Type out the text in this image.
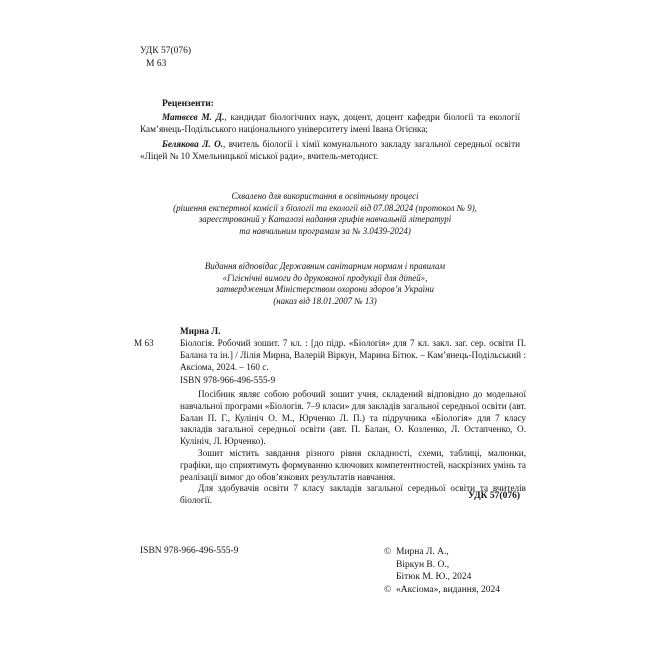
УДК 57(076)
М 63
Рецензенти:
Матвєєв М. Д., кандидат біологічних наук, доцент, доцент кафедри біології та екології Кам’янець-Подільського національного університету імені Івана Огієнка;
Белякова Л. О., вчитель біології і хімії комунального закладу загальної середньої освіти «Ліцей № 10 Хмельницької міської ради», вчитель-методист.
Схвалено для використання в освітньому процесі
(рішення експертної комісії з біології та екології від 07.08.2024 (протокол № 9),
зареєстрований у Каталозі надання грифів навчальній літературі
та навчальним програмам за № 3.0439-2024)
Видання відповідає Державним санітарним нормам і правилам
«Гігієнічні вимоги до друкованої продукції для дітей»,
затвердженим Міністерством охорони здоров’я України
(наказ від 18.01.2007 № 13)
М 63
Мирна Л.
Біологія. Робочий зошит. 7 кл. : [до підр. «Біологія» для 7 кл. закл. заг. сер. освіти П. Балана та ін.] / Лілія Мирна, Валерій Віркун, Марина Бітюк. – Кам’янець-Подільський : Аксіома, 2024. – 160 с.
ISBN 978-966-496-555-9

Посібник являє собою робочий зошит учня, складений відповідно до модельної навчальної програми «Біологія. 7–9 класи» для закладів загальної середньої освіти (авт. Балан П. Г., Кулініч О. М., Юрченко Л. П.) та підручника «Біологія» для 7 класу закладів загальної середньої освіти (авт. П. Балан, О. Козленко, Л. Остапченко, О. Кулініч, Л. Юрченко).

Зошит містить завдання різного рівня складності, схеми, таблиці, малюнки, графіки, що сприятимуть формуванню ключових компетентностей, наскрізних умінь та реалізації вимог до обов’язкових результатів навчання.

Для здобувачів освіти 7 класу закладів загальної середньої освіти та вчителів біології.	УДК 57(076)
ISBN 978-966-496-555-9	© Мирна Л. А.,
Віркун В. О.,
Бітюк М. Ю., 2024
© «Аксіома», видання, 2024
